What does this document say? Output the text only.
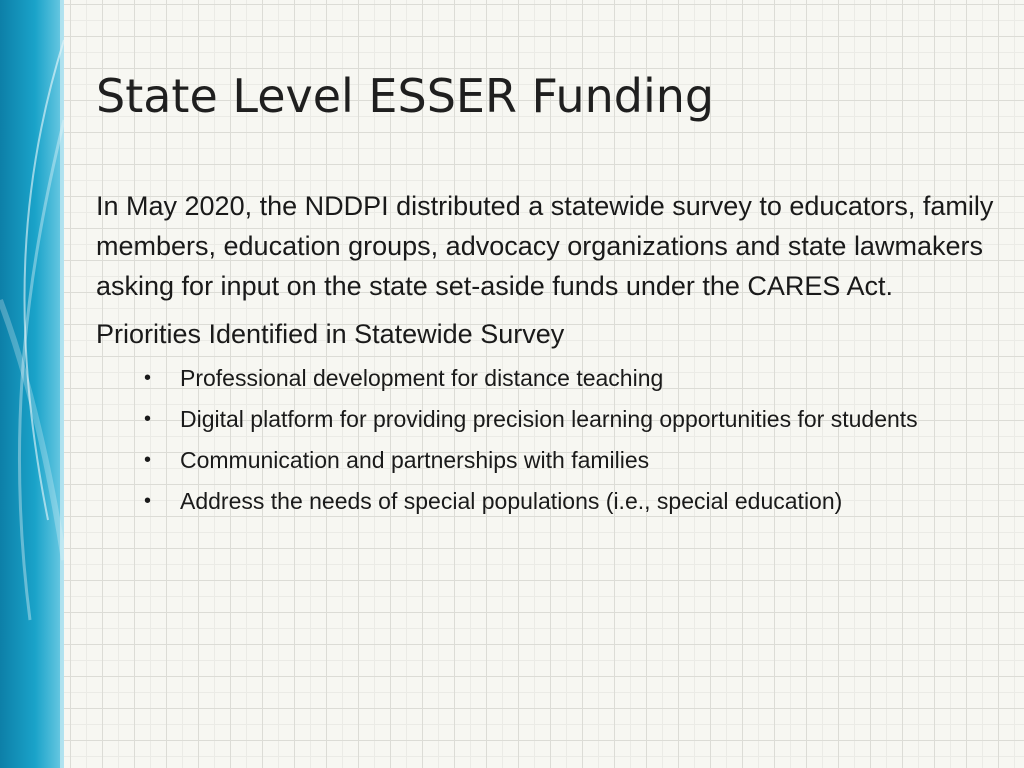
State Level ESSER Funding

In May 2020, the NDDPI distributed a statewide survey to educators, family members, education groups, advocacy organizations and state lawmakers asking for input on the state set-aside funds under the CARES Act.

Priorities Identified in Statewide Survey

• Professional development for distance teaching
• Digital platform for providing precision learning opportunities for students
• Communication and partnerships with families
• Address the needs of special populations (i.e., special education)
